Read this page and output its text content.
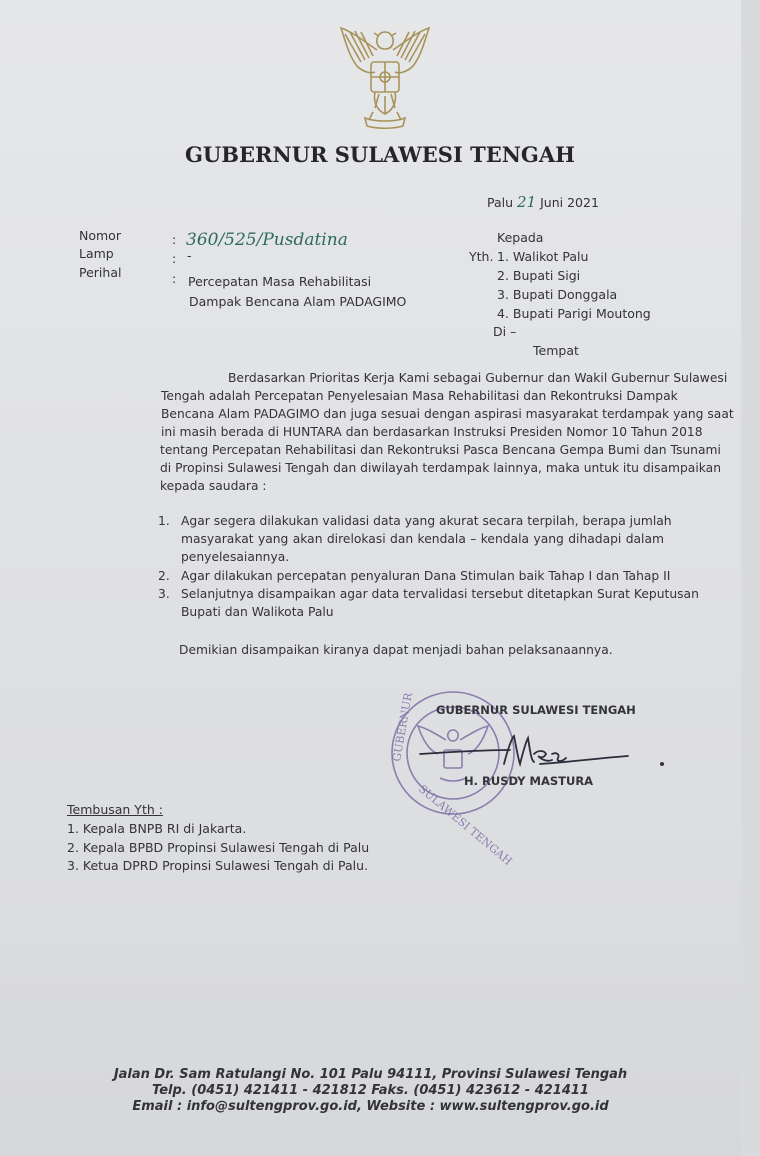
GUBERNUR SULAWESI TENGAH
Palu 21 Juni 2021
Nomor	: 360/525/Pusdatina
Lamp	: -
Perihal	: Percepatan Masa Rehabilitasi
Dampak Bencana Alam PADAGIMO
Kepada
Yth. 1. Walikot Palu
2. Bupati Sigi
3. Bupati Donggala
4. Bupati Parigi Moutong
Di –
Tempat
Berdasarkan Prioritas Kerja Kami sebagai Gubernur dan Wakil Gubernur Sulawesi
Tengah adalah Percepatan Penyelesaian Masa Rehabilitasi dan Rekontruksi Dampak
Bencana Alam PADAGIMO dan juga sesuai dengan aspirasi masyarakat terdampak yang saat
ini masih berada di HUNTARA dan berdasarkan Instruksi Presiden Nomor 10 Tahun 2018
tentang Percepatan Rehabilitasi dan Rekontruksi Pasca Bencana Gempa Bumi dan Tsunami
di Propinsi Sulawesi Tengah dan diwilayah terdampak lainnya, maka untuk itu disampaikan
kepada saudara :
1. Agar segera dilakukan validasi data yang akurat secara terpilah, berapa jumlah
masyarakat yang akan direlokasi dan kendala – kendala yang dihadapi dalam
penyelesaiannya.
2. Agar dilakukan percepatan penyaluran Dana Stimulan baik Tahap I dan Tahap II
3. Selanjutnya disampaikan agar data tervalidasi tersebut ditetapkan Surat Keputusan
Bupati dan Walikota Palu
Demikian disampaikan kiranya dapat menjadi bahan pelaksanaannya.
GUBERNUR
SULAWESI TENGAH
GUBERNUR SULAWESI TENGAH
H. RUSDY MASTURA
Tembusan Yth :
1. Kepala BNPB RI di Jakarta.
2. Kepala BPBD Propinsi Sulawesi Tengah di Palu
3. Ketua DPRD Propinsi Sulawesi Tengah di Palu.
Jalan Dr. Sam Ratulangi No. 101 Palu 94111, Provinsi Sulawesi Tengah
Telp. (0451) 421411 - 421812 Faks. (0451) 423612 - 421411
Email : info@sultengprov.go.id, Website : www.sultengprov.go.id
